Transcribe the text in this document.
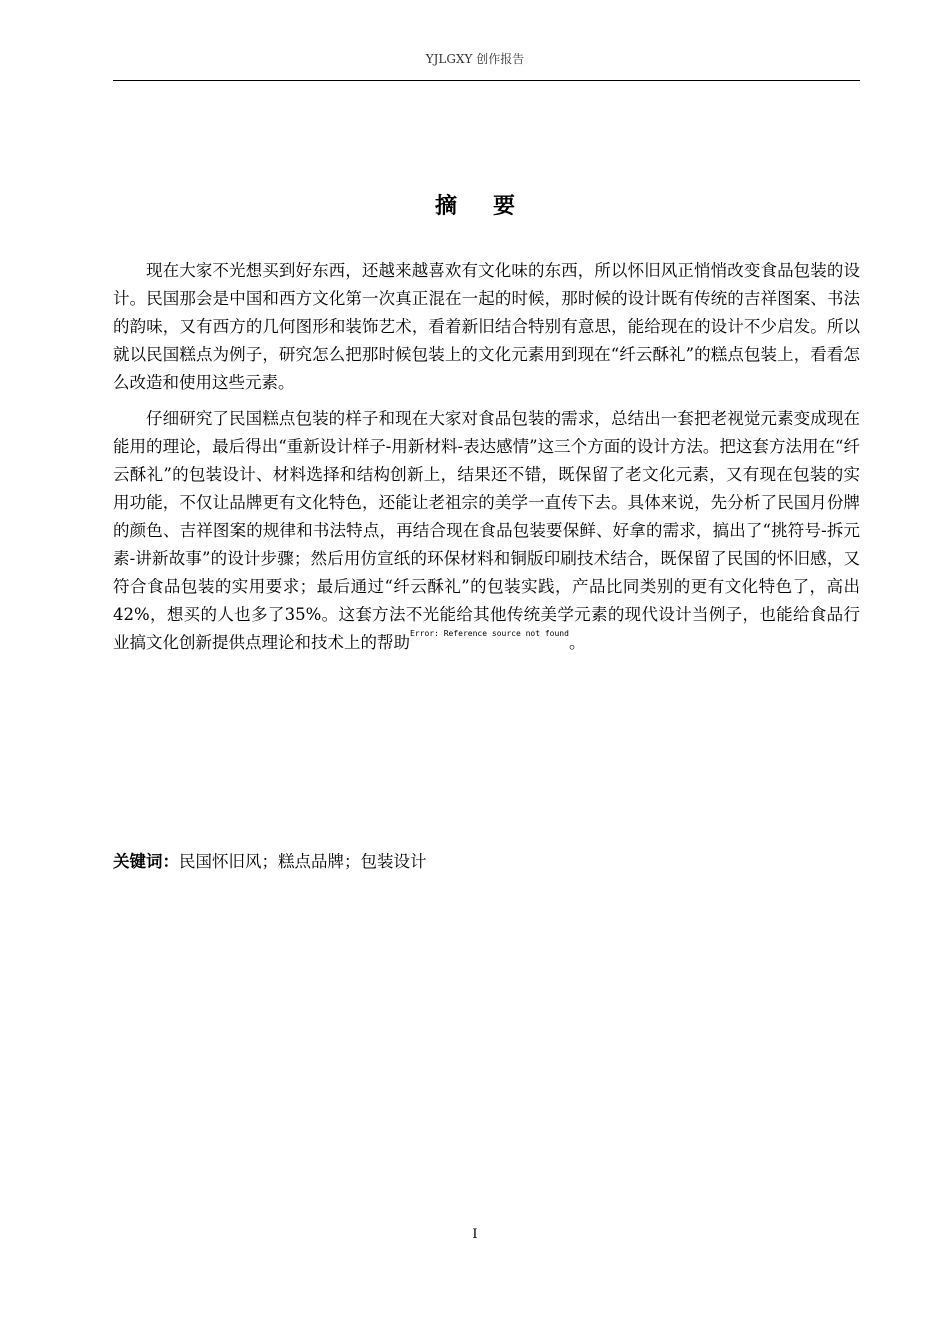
YJLGXY 创作报告
摘要

现在大家不光想买到好东西，还越来越喜欢有文化味的东西，所以怀旧风正悄悄改变食品包装的设计。民国那会是中国和西方文化第一次真正混在一起的时候，那时候的设计既有传统的吉祥图案、书法的韵味，又有西方的几何图形和装饰艺术，看着新旧结合特别有意思，能给现在的设计不少启发。所以就以民国糕点为例子，研究怎么把那时候包装上的文化元素用到现在“纤云酥礼”的糕点包装上，看看怎么改造和使用这些元素。

仔细研究了民国糕点包装的样子和现在大家对食品包装的需求，总结出一套把老视觉元素变成现在能用的理论，最后得出“重新设计样子-用新材料-表达感情”这三个方面的设计方法。把这套方法用在“纤云酥礼”的包装设计、材料选择和结构创新上，结果还不错，既保留了老文化元素，又有现在包装的实用功能，不仅让品牌更有文化特色，还能让老祖宗的美学一直传下去。具体来说，先分析了民国月份牌的颜色、吉祥图案的规律和书法特点，再结合现在食品包装要保鲜、好拿的需求，搞出了“挑符号-拆元素-讲新故事”的设计步骤；然后用仿宣纸的环保材料和铜版印刷技术结合，既保留了民国的怀旧感，又符合食品包装的实用要求；最后通过“纤云酥礼”的包装实践，产品比同类别的更有文化特色了，高出42%，想买的人也多了35%。这套方法不光能给其他传统美学元素的现代设计当例子，也能给食品行业搞文化创新提供点理论和技术上的帮助$^{Error: Reference source not found}$。

关键词：民国怀旧风；糕点品牌；包装设计
I
